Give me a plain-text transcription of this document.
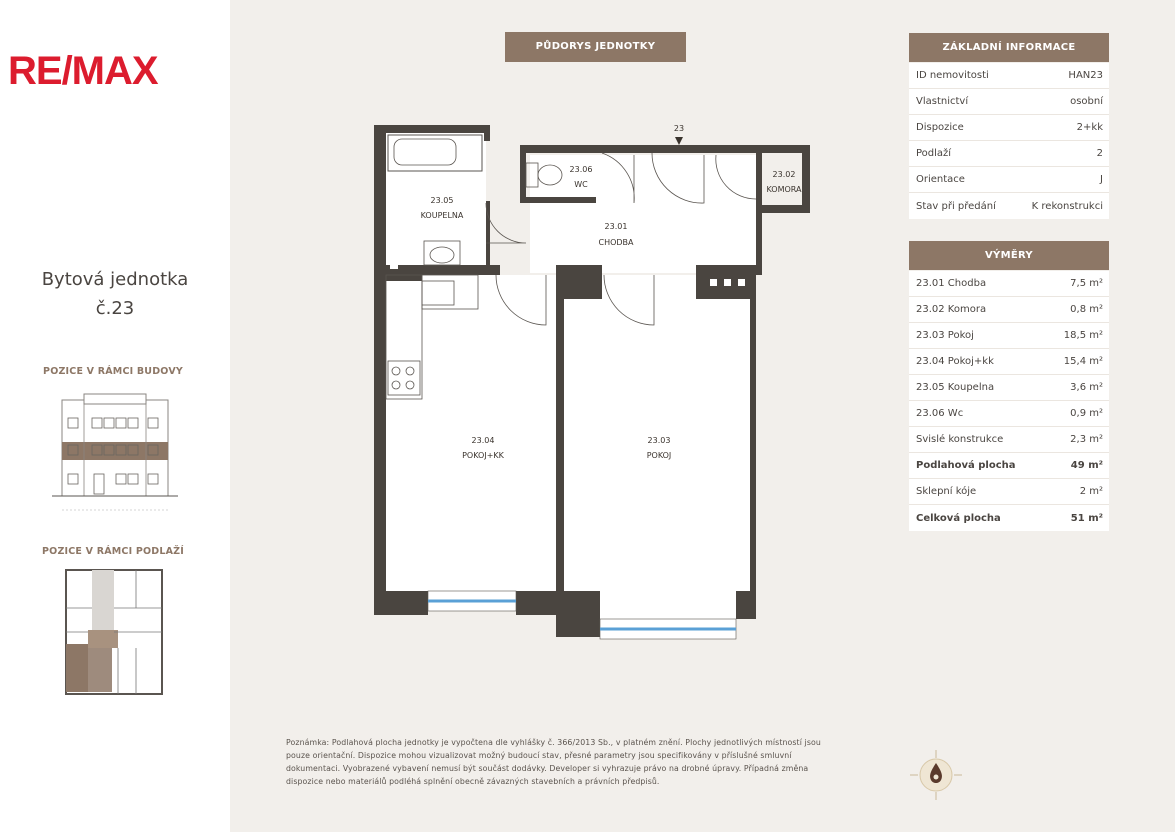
RE/MAX
Bytová jednotka
č.23
POZICE V RÁMCI BUDOVY
POZICE V RÁMCI PODLAŽÍ
PŮDORYS JEDNOTKY
23
23.01
CHODBA
23.02
KOMORA
23.03
POKOJ
23.04
POKOJ+KK
23.05
KOUPELNA
23.06
WC
ZÁKLADNÍ INFORMACE
ID nemovitosti	HAN23
Vlastnictví	osobní
Dispozice	2+kk
Podlaží	2
Orientace	J
Stav při předání	K rekonstrukci
VÝMĚRY
23.01 Chodba	7,5 m²
23.02 Komora	0,8 m²
23.03 Pokoj	18,5 m²
23.04 Pokoj+kk	15,4 m²
23.05 Koupelna	3,6 m²
23.06 Wc	0,9 m²
Svislé konstrukce	2,3 m²
Podlahová plocha	49 m²
Sklepní kóje	2 m²
Celková plocha	51 m²
Poznámka: Podlahová plocha jednotky je vypočtena dle vyhlášky č. 366/2013 Sb., v platném znění. Plochy jednotlivých místností jsou
pouze orientační. Dispozice mohou vizualizovat možný budoucí stav, přesné parametry jsou specifikovány v příslušné smluvní
dokumentaci. Vyobrazené vybavení nemusí být součást dodávky. Developer si vyhrazuje právo na drobné úpravy. Případná změna
dispozice nebo materiálů podléhá splnění obecně závazných stavebních a právních předpisů.
